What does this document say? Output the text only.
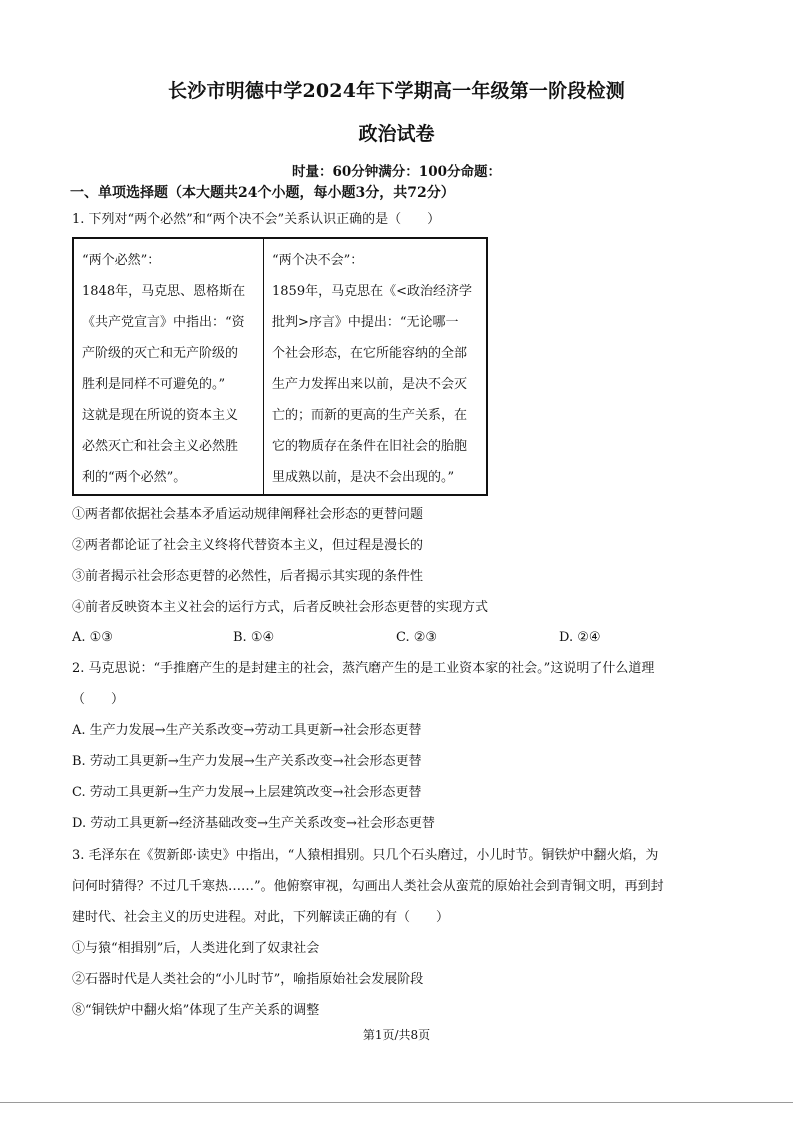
长沙市明德中学2024年下学期高一年级第一阶段检测
政治试卷
时量：60分钟满分：100分命题：
一、单项选择题（本大题共24个小题，每小题3分，共72分）
1. 下列对“两个必然”和“两个决不会”关系认识正确的是（　　）
“两个必然”：
1848年，马克思、恩格斯在
《共产党宣言》中指出：“资
产阶级的灭亡和无产阶级的
胜利是同样不可避免的。”
这就是现在所说的资本主义
必然灭亡和社会主义必然胜
利的“两个必然”。
“两个决不会”：
1859年，马克思在《<政治经济学
批判>序言》中提出：“无论哪一
个社会形态，在它所能容纳的全部
生产力发挥出来以前，是决不会灭
亡的；而新的更高的生产关系，在
它的物质存在条件在旧社会的胎胞
里成熟以前，是决不会出现的。”
①两者都依据社会基本矛盾运动规律阐释社会形态的更替问题
②两者都论证了社会主义终将代替资本主义，但过程是漫长的
③前者揭示社会形态更替的必然性，后者揭示其实现的条件性
④前者反映资本主义社会的运行方式，后者反映社会形态更替的实现方式
A. ①③	B. ①④	C. ②③	D. ②④
2. 马克思说：“手推磨产生的是封建主的社会，蒸汽磨产生的是工业资本家的社会。”这说明了什么道理
（　　）
A. 生产力发展→生产关系改变→劳动工具更新→社会形态更替
B. 劳动工具更新→生产力发展→生产关系改变→社会形态更替
C. 劳动工具更新→生产力发展→上层建筑改变→社会形态更替
D. 劳动工具更新→经济基础改变→生产关系改变→社会形态更替
3. 毛泽东在《贺新郎·读史》中指出，“人猿相揖别。只几个石头磨过，小儿时节。铜铁炉中翻火焰，为
问何时猜得？不过几千寒热……”。他俯察审视，勾画出人类社会从蛮荒的原始社会到青铜文明，再到封
建时代、社会主义的历史进程。对此，下列解读正确的有（　　）
①与猿“相揖别”后，人类进化到了奴隶社会
②石器时代是人类社会的“小儿时节”，喻指原始社会发展阶段
⑧“铜铁炉中翻火焰”体现了生产关系的调整
第1页/共8页
